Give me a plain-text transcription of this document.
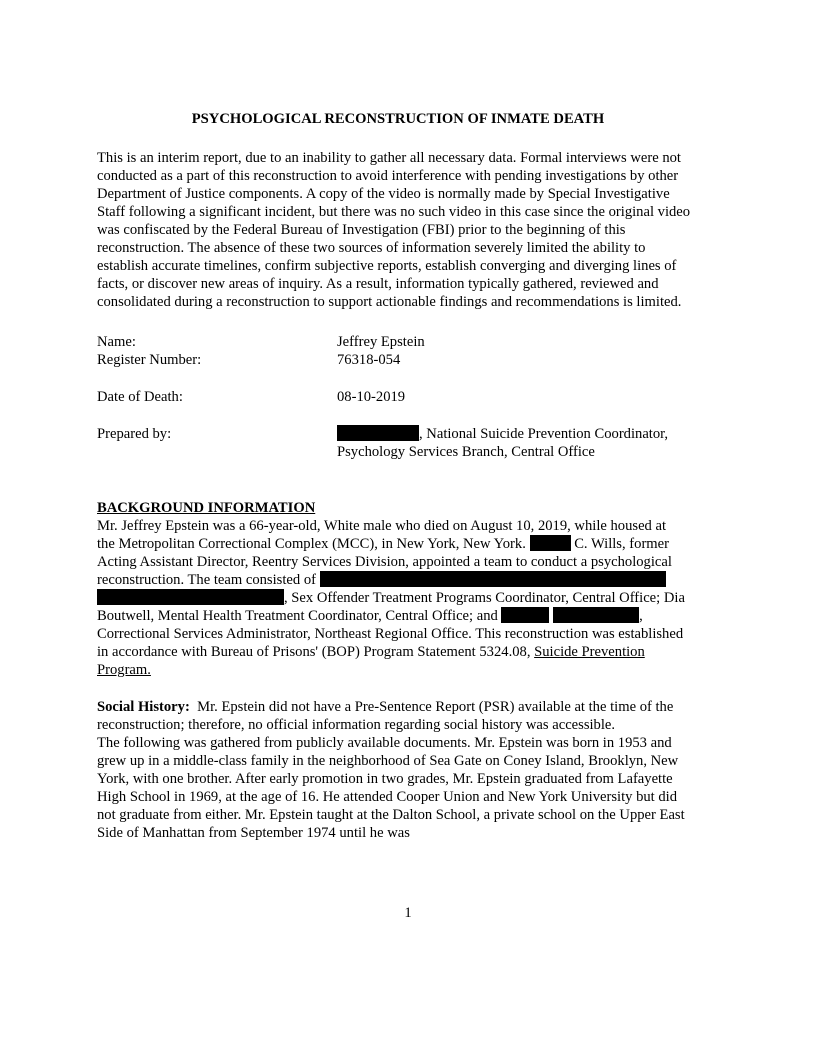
PSYCHOLOGICAL RECONSTRUCTION OF INMATE DEATH
This is an interim report, due to an inability to gather all necessary data. Formal interviews were not
conducted as a part of this reconstruction to avoid interference with pending investigations by other
Department of Justice components. A copy of the video is normally made by Special Investigative
Staff following a significant incident, but there was no such video in this case since the original video
was confiscated by the Federal Bureau of Investigation (FBI) prior to the beginning of this
reconstruction. The absence of these two sources of information severely limited the ability to
establish accurate timelines, confirm subjective reports, establish converging and diverging lines of
facts, or discover new areas of inquiry. As a result, information typically gathered, reviewed and
consolidated during a reconstruction to support actionable findings and recommendations is limited.
Name:	Jeffrey Epstein
Register Number:	76318-054
Date of Death:	08-10-2019
Prepared by:	, National Suicide Prevention Coordinator,
Psychology Services Branch, Central Office
BACKGROUND INFORMATION
Mr. Jeffrey Epstein was a 66-year-old, White male who died on August 10, 2019, while housed at
the Metropolitan Correctional Complex (MCC), in New York, New York.	C. Wills, former
Acting Assistant Director, Reentry Services Division, appointed a team to conduct a psychological
reconstruction. The team consisted of
, Sex Offender Treatment Programs Coordinator, Central Office; Dia
Boutwell, Mental Health Treatment Coordinator, Central Office; and	,
Correctional Services Administrator, Northeast Regional Office. This reconstruction was established
in accordance with Bureau of Prisons' (BOP) Program Statement 5324.08, Suicide Prevention
Program.
Social History:  Mr. Epstein did not have a Pre-Sentence Report (PSR) available at the time of the
reconstruction; therefore, no official information regarding social history was accessible.
The following was gathered from publicly available documents. Mr. Epstein was born in 1953 and
grew up in a middle-class family in the neighborhood of Sea Gate on Coney Island, Brooklyn, New
York, with one brother. After early promotion in two grades, Mr. Epstein graduated from Lafayette
High School in 1969, at the age of 16. He attended Cooper Union and New York University but did
not graduate from either. Mr. Epstein taught at the Dalton School, a private school on the Upper East
Side of Manhattan from September 1974 until he was
1
